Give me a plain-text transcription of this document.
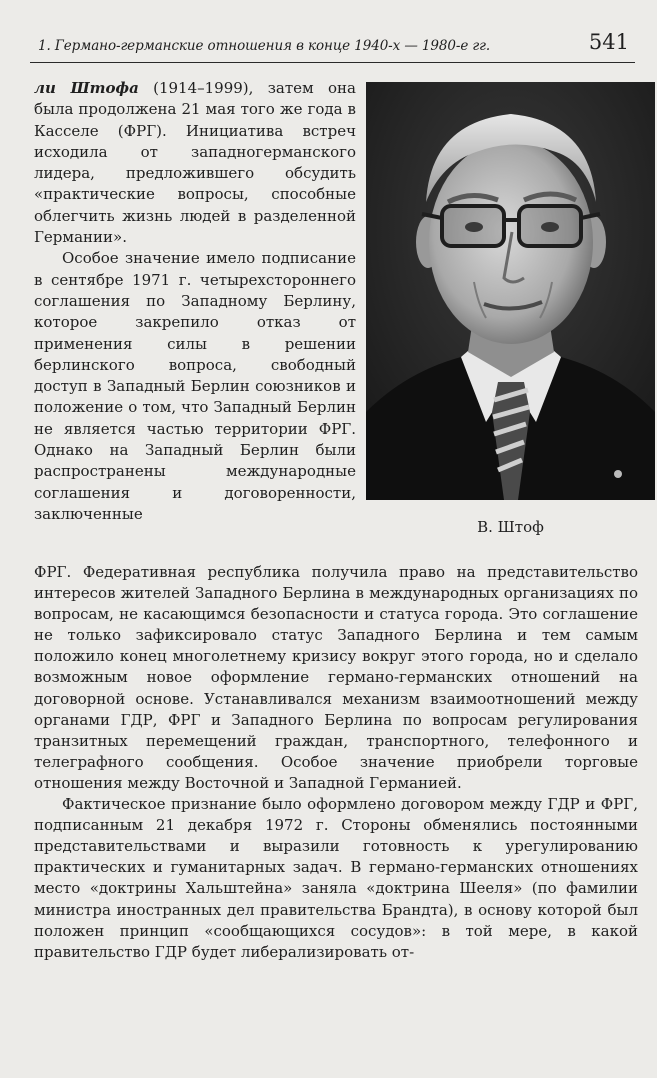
1. Германо-германские отношения в конце 1940-х — 1980-е гг.	541
В. Штоф

ли Штофа (1914–1999), затем она была продолжена 21 мая того же года в Касселе (ФРГ). Инициатива встреч исходила от западногерманского лидера, предложившего обсудить «практические вопросы, способные облегчить жизнь людей в разделенной Германии».

Особое значение имело подписание в сентябре 1971 г. четырехстороннего соглашения по Западному Берлину, которое закрепило отказ от применения силы в решении берлинского вопроса, свободный доступ в Западный Берлин союзников и положение о том, что Западный Берлин не является частью территории ФРГ. Однако на Западный Берлин были распространены международные соглашения и договоренности, заключенные

ФРГ. Федеративная республика получила право на представительство интересов жителей Западного Берлина в международных организациях по вопросам, не касающимся безопасности и статуса города. Это соглашение не только зафиксировало статус Западного Берлина и тем самым положило конец многолетнему кризису вокруг этого города, но и сделало возможным новое оформление германо-германских отношений на договорной основе. Устанавливался механизм взаимоотношений между органами ГДР, ФРГ и Западного Берлина по вопросам регулирования транзитных перемещений граждан, транспортного, телефонного и телеграфного сообщения. Особое значение приобрели торговые отношения между Восточной и Западной Германией.

Фактическое признание было оформлено договором между ГДР и ФРГ, подписанным 21 декабря 1972 г. Стороны обменялись постоянными представительствами и выразили готовность к урегулированию практических и гуманитарных задач. В германо-германских отношениях место «доктрины Хальштейна» заняла «доктрина Шееля» (по фамилии министра иностранных дел правительства Брандта), в основу которой был положен принцип «сообщающихся сосудов»: в той мере, в какой правительство ГДР будет либерализировать от-
